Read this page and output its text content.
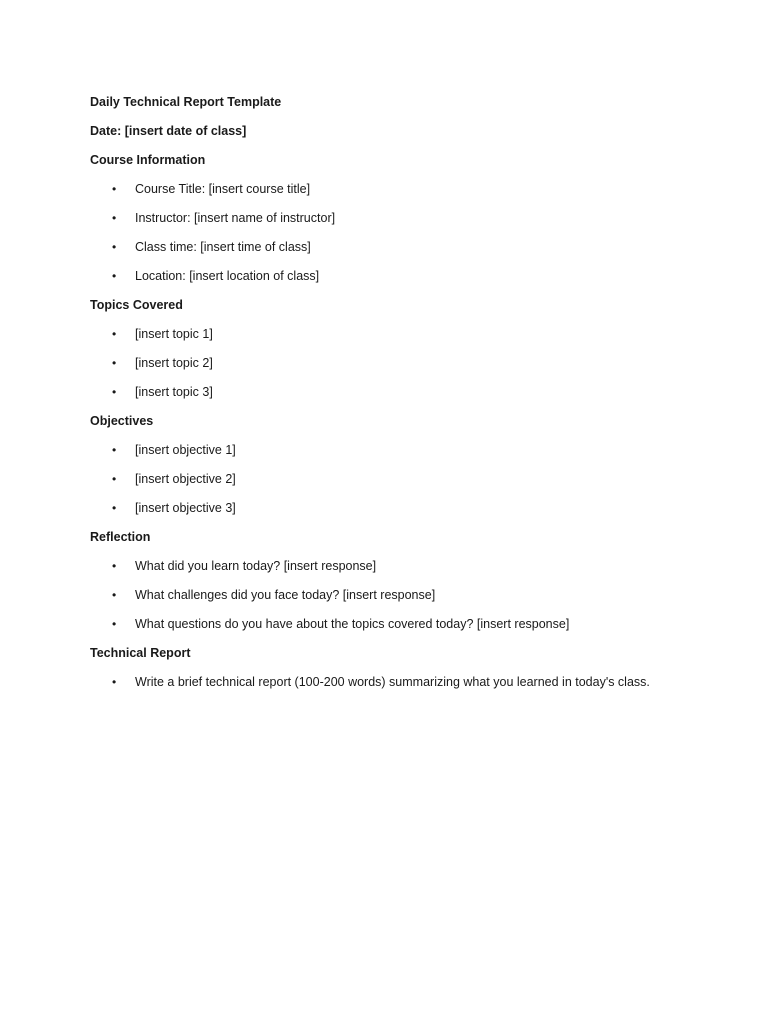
Daily Technical Report Template
Date: [insert date of class]
Course Information
• Course Title: [insert course title]
• Instructor: [insert name of instructor]
• Class time: [insert time of class]
• Location: [insert location of class]
Topics Covered
• [insert topic 1]
• [insert topic 2]
• [insert topic 3]
Objectives
• [insert objective 1]
• [insert objective 2]
• [insert objective 3]
Reflection
• What did you learn today? [insert response]
• What challenges did you face today? [insert response]
• What questions do you have about the topics covered today? [insert response]
Technical Report
• Write a brief technical report (100-200 words) summarizing what you learned in today's class.
